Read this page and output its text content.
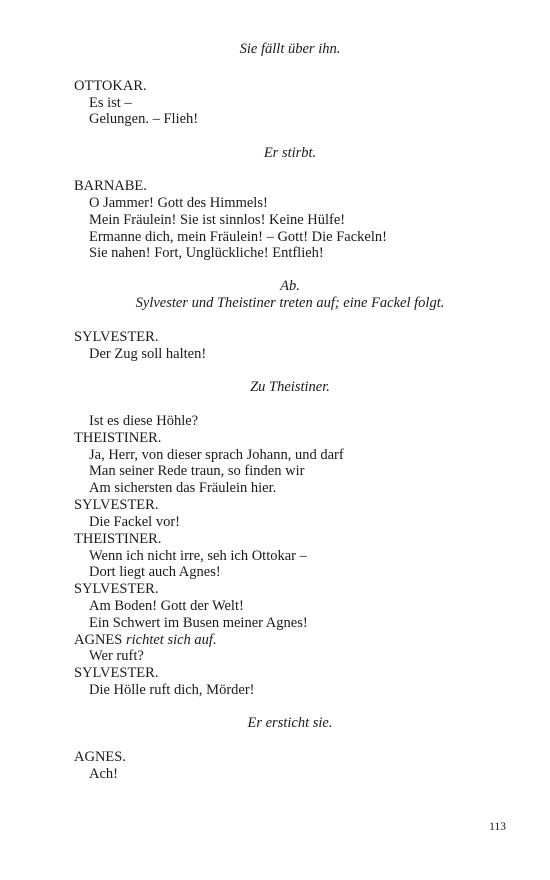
Sie fällt über ihn.
OTTOKAR.
Es ist –
Gelungen. – Flieh!
Er stirbt.
BARNABE.
O Jammer! Gott des Himmels!
Mein Fräulein! Sie ist sinnlos! Keine Hülfe!
Ermanne dich, mein Fräulein! – Gott! Die Fackeln!
Sie nahen! Fort, Unglückliche! Entflieh!
Ab.
Sylvester und Theistiner treten auf; eine Fackel folgt.
SYLVESTER.
Der Zug soll halten!
Zu Theistiner.
Ist es diese Höhle?
THEISTINER.
Ja, Herr, von dieser sprach Johann, und darf
Man seiner Rede traun, so finden wir
Am sichersten das Fräulein hier.
SYLVESTER.
Die Fackel vor!
THEISTINER.
Wenn ich nicht irre, seh ich Ottokar –
Dort liegt auch Agnes!
SYLVESTER.
Am Boden! Gott der Welt!
Ein Schwert im Busen meiner Agnes!
AGNES richtet sich auf.
Wer ruft?
SYLVESTER.
Die Hölle ruft dich, Mörder!
Er ersticht sie.
AGNES.
Ach!
113
